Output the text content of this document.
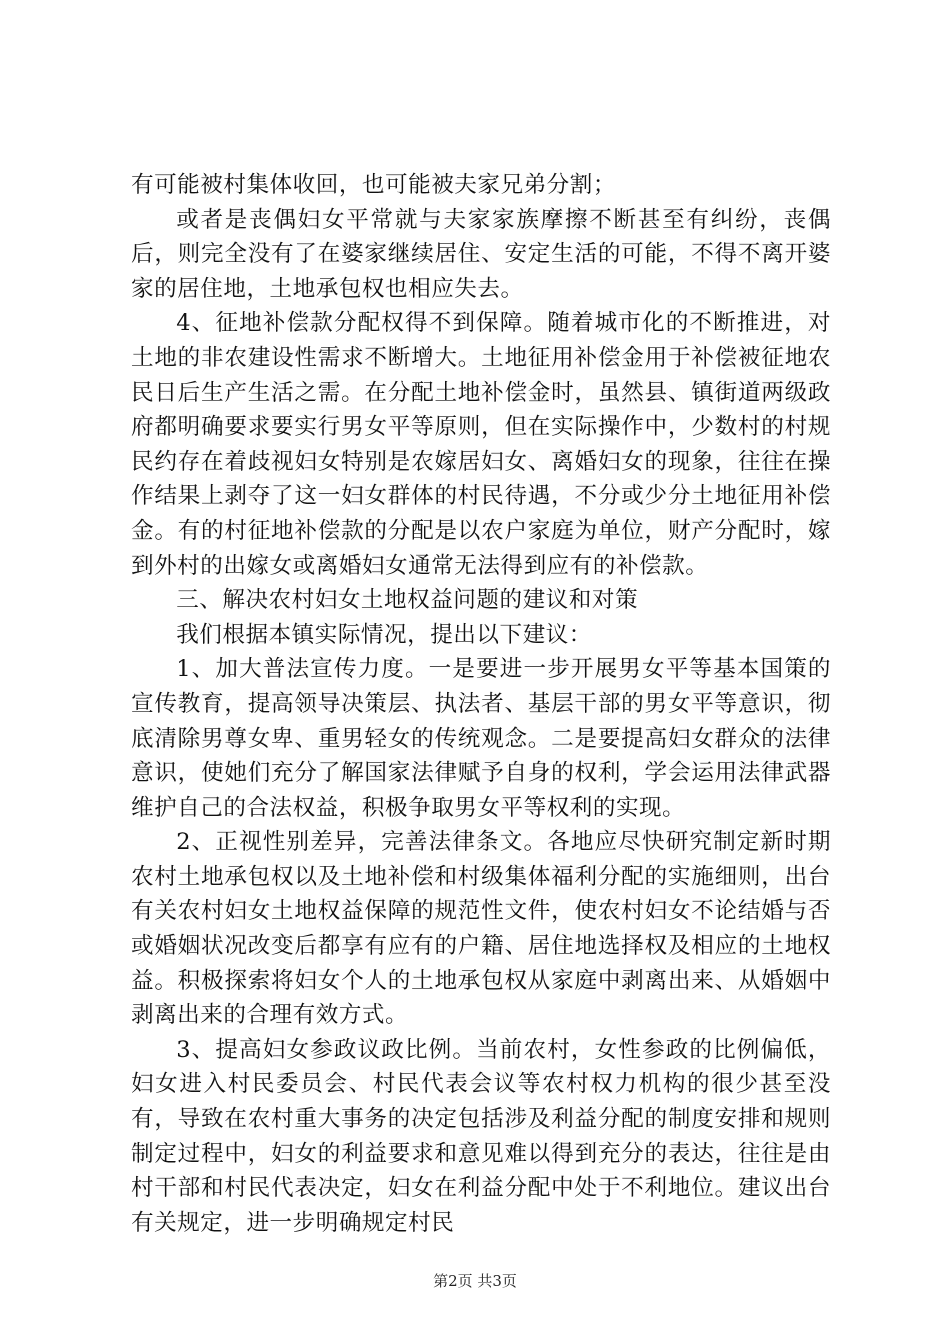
有可能被村集体收回，也可能被夫家兄弟分割；

或者是丧偶妇女平常就与夫家家族摩擦不断甚至有纠纷，丧偶后，则完全没有了在婆家继续居住、安定生活的可能，不得不离开婆家的居住地，土地承包权也相应失去。

4、征地补偿款分配权得不到保障。随着城市化的不断推进，对土地的非农建设性需求不断增大。土地征用补偿金用于补偿被征地农民日后生产生活之需。在分配土地补偿金时，虽然县、镇街道两级政府都明确要求要实行男女平等原则，但在实际操作中，少数村的村规民约存在着歧视妇女特别是农嫁居妇女、离婚妇女的现象，往往在操作结果上剥夺了这一妇女群体的村民待遇，不分或少分土地征用补偿金。有的村征地补偿款的分配是以农户家庭为单位，财产分配时，嫁到外村的出嫁女或离婚妇女通常无法得到应有的补偿款。

三、解决农村妇女土地权益问题的建议和对策

我们根据本镇实际情况，提出以下建议：

1、加大普法宣传力度。一是要进一步开展男女平等基本国策的宣传教育，提高领导决策层、执法者、基层干部的男女平等意识，彻底清除男尊女卑、重男轻女的传统观念。二是要提高妇女群众的法律意识，使她们充分了解国家法律赋予自身的权利，学会运用法律武器维护自己的合法权益，积极争取男女平等权利的实现。

2、正视性别差异，完善法律条文。各地应尽快研究制定新时期农村土地承包权以及土地补偿和村级集体福利分配的实施细则，出台有关农村妇女土地权益保障的规范性文件，使农村妇女不论结婚与否或婚姻状况改变后都享有应有的户籍、居住地选择权及相应的土地权益。积极探索将妇女个人的土地承包权从家庭中剥离出来、从婚姻中剥离出来的合理有效方式。

3、提高妇女参政议政比例。当前农村，女性参政的比例偏低，妇女进入村民委员会、村民代表会议等农村权力机构的很少甚至没有，导致在农村重大事务的决定包括涉及利益分配的制度安排和规则制定过程中，妇女的利益要求和意见难以得到充分的表达，往往是由村干部和村民代表决定，妇女在利益分配中处于不利地位。建议出台有关规定，进一步明确规定村民

第2页 共3页
